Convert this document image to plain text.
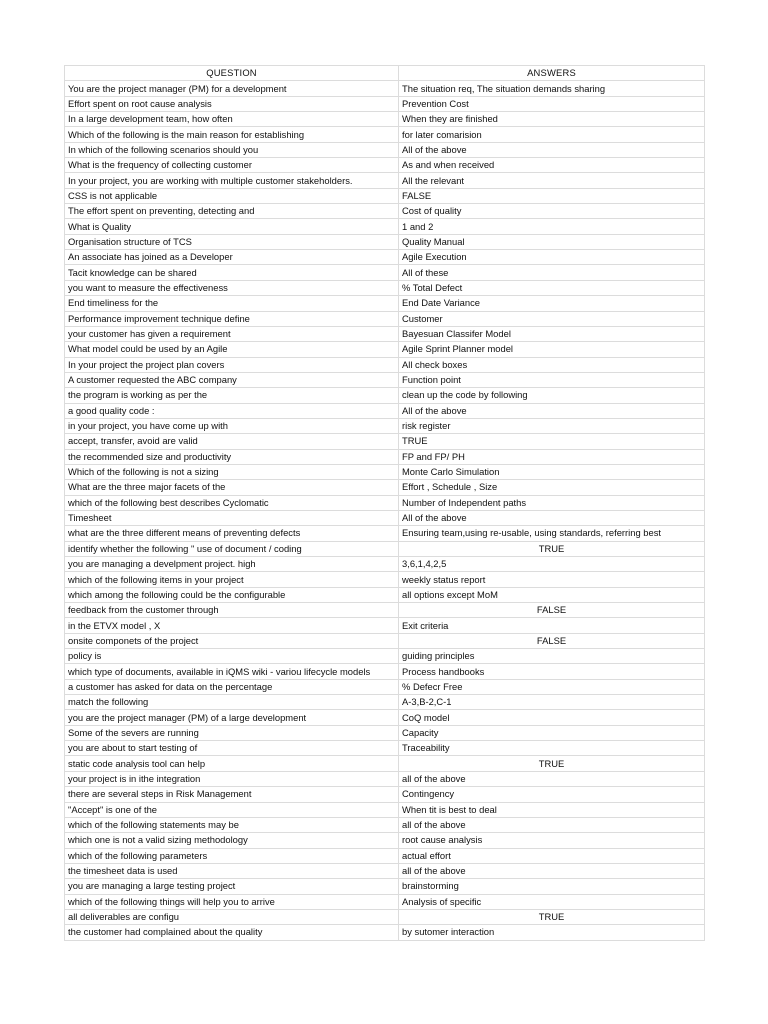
QUESTION	ANSWERS
You are the project manager (PM) for a development	The situation req, The situation demands sharing
Effort spent on root cause analysis	Prevention Cost
In a large development team, how often	When they are finished
Which of the following is the main reason for establishing	for later comarision
In which of the following scenarios should you	All of the above
What is the frequency of collecting customer	As and when received
In your project, you are working with multiple customer stakeholders.	All the relevant
CSS is not applicable	FALSE
The effort spent on preventing, detecting and	Cost of quality
What is Quality	1 and 2
Organisation structure of TCS	Quality Manual
An associate has joined as a Developer	Agile Execution
Tacit knowledge can be shared	All of these
you want to measure the effectiveness	% Total Defect
End timeliness for the	End Date Variance
Performance improvement technique define	Customer
your customer has given a requirement	Bayesuan Classifer Model
What model could be used by an Agile	Agile Sprint Planner model
In your project the project plan covers	All check boxes
A customer requested the ABC company	Function point
the program is working as per the	clean up the code by following
a good quality code :	All of the above
in your project, you have come up with	risk register
accept, transfer, avoid are valid	TRUE
the recommended size and productivity	FP and FP/ PH
Which of the following is not a sizing	Monte Carlo Simulation
What are the three major facets of the	Effort , Schedule , Size
which of the following best describes Cyclomatic	Number of Independent paths
Timesheet	All of the above
what are the three different means of preventing defects	Ensuring team,using re-usable, using standards, referring best
identify whether the following " use of document / coding	TRUE
you are managing a develpment project. high	3,6,1,4,2,5
which of the following items in your project	weekly status report
which among the following could be the configurable	all options except MoM
feedback from the customer through	FALSE
in the ETVX model , X	Exit criteria
onsite componets of the project	FALSE
policy is	guiding principles
which type of documents, available in iQMS wiki - variou lifecycle models	Process handbooks
a customer has asked for data on the percentage	% Defecr Free
match the following	A-3,B-2,C-1
you are the project manager (PM) of a large development	CoQ model
Some of the severs are running	Capacity
you are about to start testing of	Traceability
static code analysis tool can help	TRUE
your project is in ithe integration	all of the above
there are several steps in Risk Management	Contingency
"Accept" is one of the	When tit is best to deal
which of the following statements may be	all of the above
which one is not a valid sizing methodology	root cause analysis
which of the following parameters	actual effort
the timesheet data is used	all of the above
you are managing a large testing project	brainstorming
which of the following things will help you to arrive	Analysis of specific
all deliverables are configu	TRUE
the customer had complained about the quality	by sutomer interaction
